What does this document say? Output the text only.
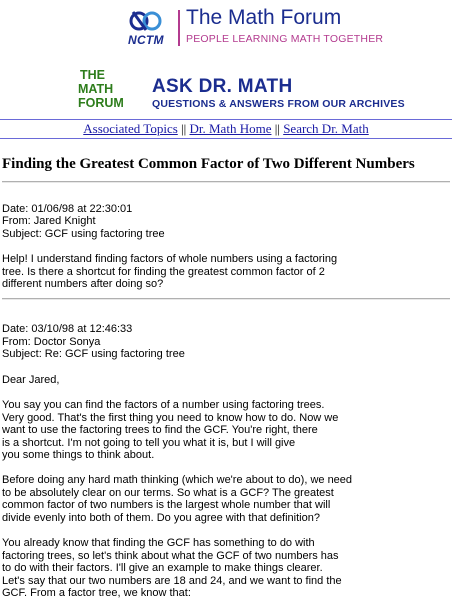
NCTM
The Math Forum
PEOPLE LEARNING MATH TOGETHER
THE
MATH
FORUM
ASK DR. MATH
QUESTIONS & ANSWERS FROM OUR ARCHIVES
Associated Topics || Dr. Math Home || Search Dr. Math
Finding the Greatest Common Factor of Two Different Numbers
Date: 01/06/98 at 22:30:01
From: Jared Knight
Subject: GCF using factoring tree
Help! I understand finding factors of whole numbers using a factoring
tree. Is there a shortcut for finding the greatest common factor of 2
different numbers after doing so?
Date: 03/10/98 at 12:46:33
From: Doctor Sonya
Subject: Re: GCF using factoring tree
Dear Jared,
You say you can find the factors of a number using factoring trees.
Very good. That's the first thing you need to know how to do. Now we
want to use the factoring trees to find the GCF. You're right, there
is a shortcut. I'm not going to tell you what it is, but I will give
you some things to think about.
Before doing any hard math thinking (which we're about to do), we need
to be absolutely clear on our terms. So what is a GCF? The greatest
common factor of two numbers is the largest whole number that will
divide evenly into both of them. Do you agree with that definition?
You already know that finding the GCF has something to do with
factoring trees, so let's think about what the GCF of two numbers has
to do with their factors. I'll give an example to make things clearer.
Let's say that our two numbers are 18 and 24, and we want to find the
GCF. From a factor tree, we know that:
